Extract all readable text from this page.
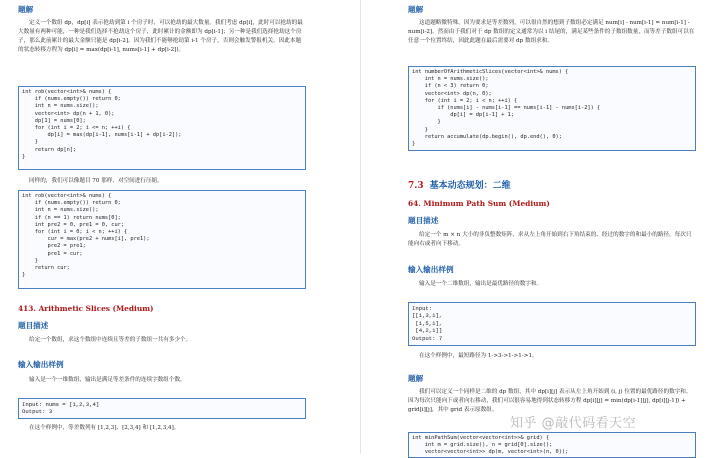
题解

定义一个数组 dp，dp[i] 表示抢劫到第 i 个房子时，可以抢劫的最大数量。我们考虑 dp[i]，此时可以抢劫的最大数量有两种可能，一种是我们选择不抢劫这个房子，此时累计的金额即为 dp[i-1]；另一种是我们选择抢劫这个房子，那么此前累计的最大金额只能是 dp[i-2]。因为我们不能够抢劫第 i-1 个房子，否则会触发警报机关。因此本题的状态转移方程为 dp[i] = max(dp[i-1], nums[i-1] + dp[i-2])。

int rob(vector<int>& nums) {
if (nums.empty()) return 0;
int n = nums.size();
vector<int> dp(n + 1, 0);
dp[1] = nums[0];
for (int i = 2; i <= n; ++i) {
dp[i] = max(dp[i-1], nums[i-1] + dp[i-2]);
}
return dp[n];
}

同样的，我们可以像题目 70 那样，对空间进行压缩。

int rob(vector<int>& nums) {
if (nums.empty()) return 0;
int n = nums.size();
if (n == 1) return nums[0];
int pre2 = 0, pre1 = 0, cur;
for (int i = 0; i < n; ++i) {
cur = max(pre2 + nums[i], pre1);
pre2 = pre1;
pre1 = cur;
}
return cur;
}

413. Arithmetic Slices (Medium)

题目描述

给定一个数组，求这个数组中连续且等差的子数组一共有多少个。

输入输出样例

输入是一个一维数组，输出是满足等差条件的连续字数组个数。

Input: nums = [1,2,3,4]
Output: 3

在这个样例中，等差数列有 [1,2,3]、[2,3,4] 和 [1,2,3,4]。

题解

这道题略微特殊，因为要求是等差数列，可以很自然的想到子数组必定满足 num[i] - num[i-1] = num[i-1] - num[i-2]。然而由于我们对于 dp 数组的定义通常为以 i 结尾的，满足某些条件的子数组数量，而等差子数组可以在任意一个位置终结，因此此题在最后需要对 dp 数组求和。

int numberOfArithmeticSlices(vector<int>& nums) {
int n = nums.size();
if (n < 3) return 0;
vector<int> dp(n, 0);
for (int i = 2; i < n; ++i) {
if (nums[i] - nums[i-1] == nums[i-1] - nums[i-2]) {
dp[i] = dp[i-1] + 1;
}
}
return accumulate(dp.begin(), dp.end(), 0);
}

7.3 基本动态规划：二维

64. Minimum Path Sum (Medium)

题目描述

给定一个 m × n 大小的非负整数矩阵，求从左上角开始到右下角结束的、经过的数字的和最小的路径。每次只能向右或者向下移动。

输入输出样例

输入是一个二维数组，输出是最优路径的数字和。

Input:
[[1,3,1],
[1,5,1],
[4,2,1]]
Output: 7

在这个样例中，最短路径为 1->3->1->1->1。

题解

我们可以定义一个同样是二维的 dp 数组，其中 dp[i][j] 表示从左上角开始到 (i, j) 位置的最优路径的数字和。因为每次只能向下或者向右移动，我们可以很容易地得到状态转移方程 dp[i][j] = min(dp[i-1][j], dp[i][j-1]) + grid[i][j]，其中 grid 表示原数组。

int minPathSum(vector<vector<int>>& grid) {
int m = grid.size(), n = grid[0].size();
vector<vector<int>> dp(m, vector<int>(n, 0));
知乎 @敲代码看天空
